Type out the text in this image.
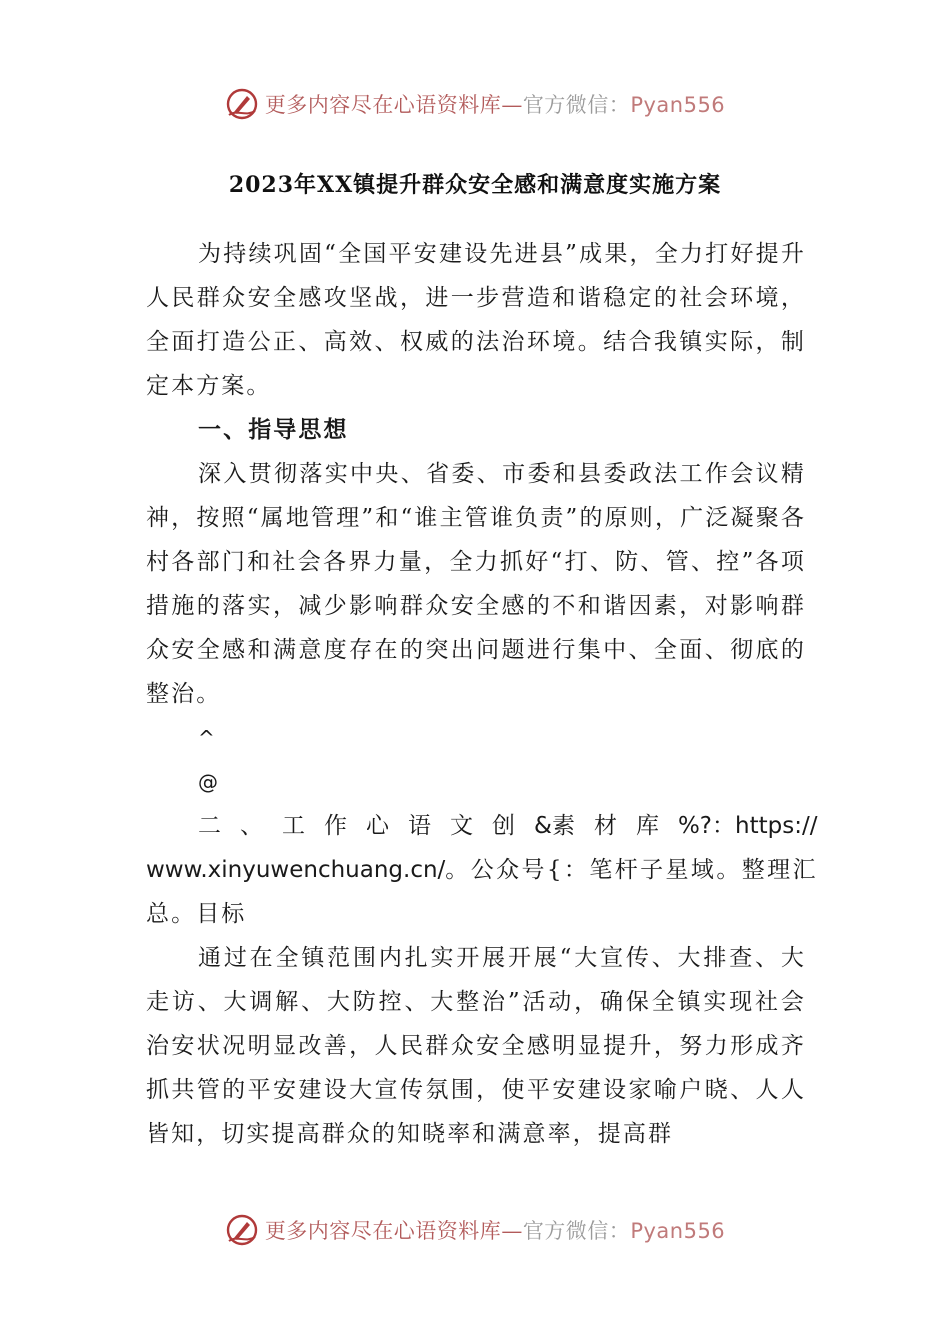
更多内容尽在心语资料库—官方微信：Pyan556
2023年XX镇提升群众安全感和满意度实施方案

为持续巩固“全国平安建设先进县”成果，全力打好提升人民群众安全感攻坚战，进一步营造和谐稳定的社会环境，全面打造公正、高效、权威的法治环境。结合我镇实际，制定本方案。

一、指导思想

深入贯彻落实中央、省委、市委和县委政法工作会议精神，按照“属地管理”和“谁主管谁负责”的原则，广泛凝聚各村各部门和社会各界力量，全力抓好“打、防、管、控”各项措施的落实，减少影响群众安全感的不和谐因素，对影响群众安全感和满意度存在的突出问题进行集中、全面、彻底的整治。

^

@

二、工作心语文创&素材库%?：https://

www.xinyuwenchuang.cn/。公众号{：笔杆子星域。整理汇

总。目标

通过在全镇范围内扎实开展开展“大宣传、大排查、大走访、大调解、大防控、大整治”活动，确保全镇实现社会治安状况明显改善，人民群众安全感明显提升，努力形成齐抓共管的平安建设大宣传氛围，使平安建设家喻户晓、人人皆知，切实提高群众的知晓率和满意率，提高群

更多内容尽在心语资料库—官方微信：Pyan556
